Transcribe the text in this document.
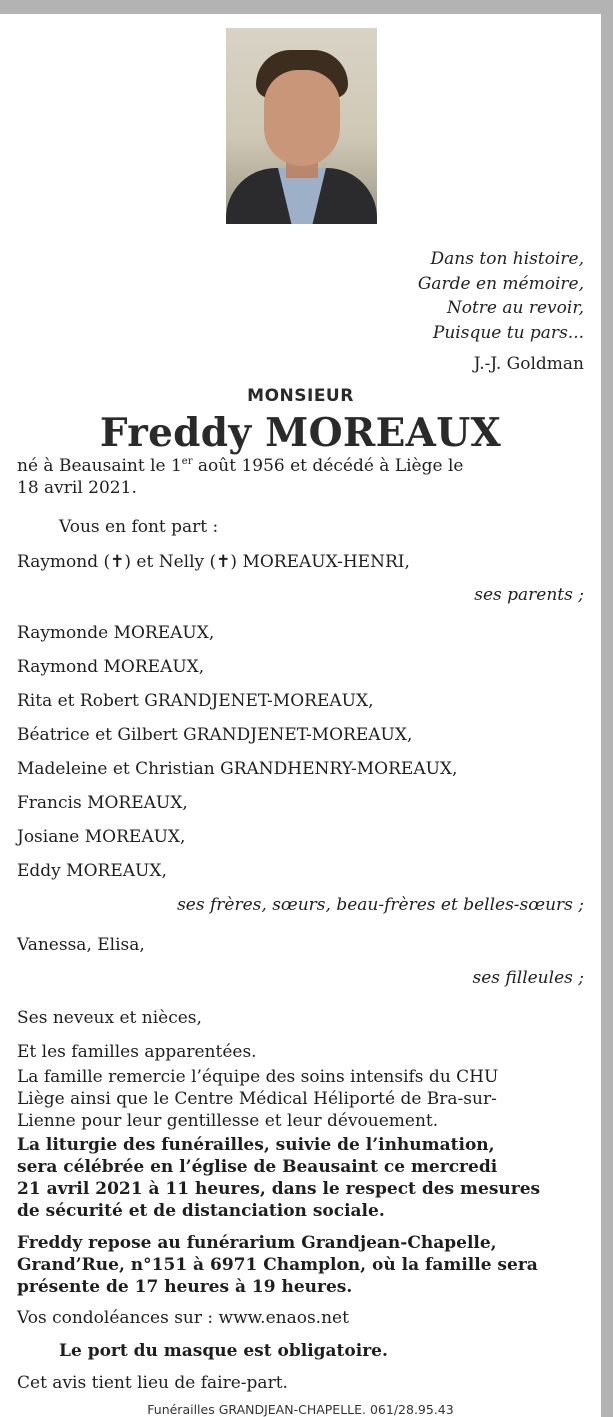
Dans ton histoire,
Garde en mémoire,
Notre au revoir,
Puisque tu pars...
J.-J. Goldman
MONSIEUR
Freddy MOREAUX
né à Beausaint le 1er août 1956 et décédé à Liège le
18 avril 2021.
Vous en font part :
Raymond (✝) et Nelly (✝) MOREAUX-HENRI,
ses parents ;
Raymonde MOREAUX,
Raymond MOREAUX,
Rita et Robert GRANDJENET-MOREAUX,
Béatrice et Gilbert GRANDJENET-MOREAUX,
Madeleine et Christian GRANDHENRY-MOREAUX,
Francis MOREAUX,
Josiane MOREAUX,
Eddy MOREAUX,
ses frères, sœurs, beau-frères et belles-sœurs ;
Vanessa, Elisa,
ses filleules ;
Ses neveux et nièces,
Et les familles apparentées.
La famille remercie l’équipe des soins intensifs du CHU
Liège ainsi que le Centre Médical Héliporté de Bra-sur-
Lienne pour leur gentillesse et leur dévouement.
La liturgie des funérailles, suivie de l’inhumation,
sera célébrée en l’église de Beausaint ce mercredi
21 avril 2021 à 11 heures, dans le respect des mesures
de sécurité et de distanciation sociale.
Freddy repose au funérarium Grandjean-Chapelle,
Grand’Rue, n°151 à 6971 Champlon, où la famille sera
présente de 17 heures à 19 heures.
Vos condoléances sur : www.enaos.net
Le port du masque est obligatoire.
Cet avis tient lieu de faire-part.
Funérailles GRANDJEAN-CHAPELLE. 061/28.95.43
